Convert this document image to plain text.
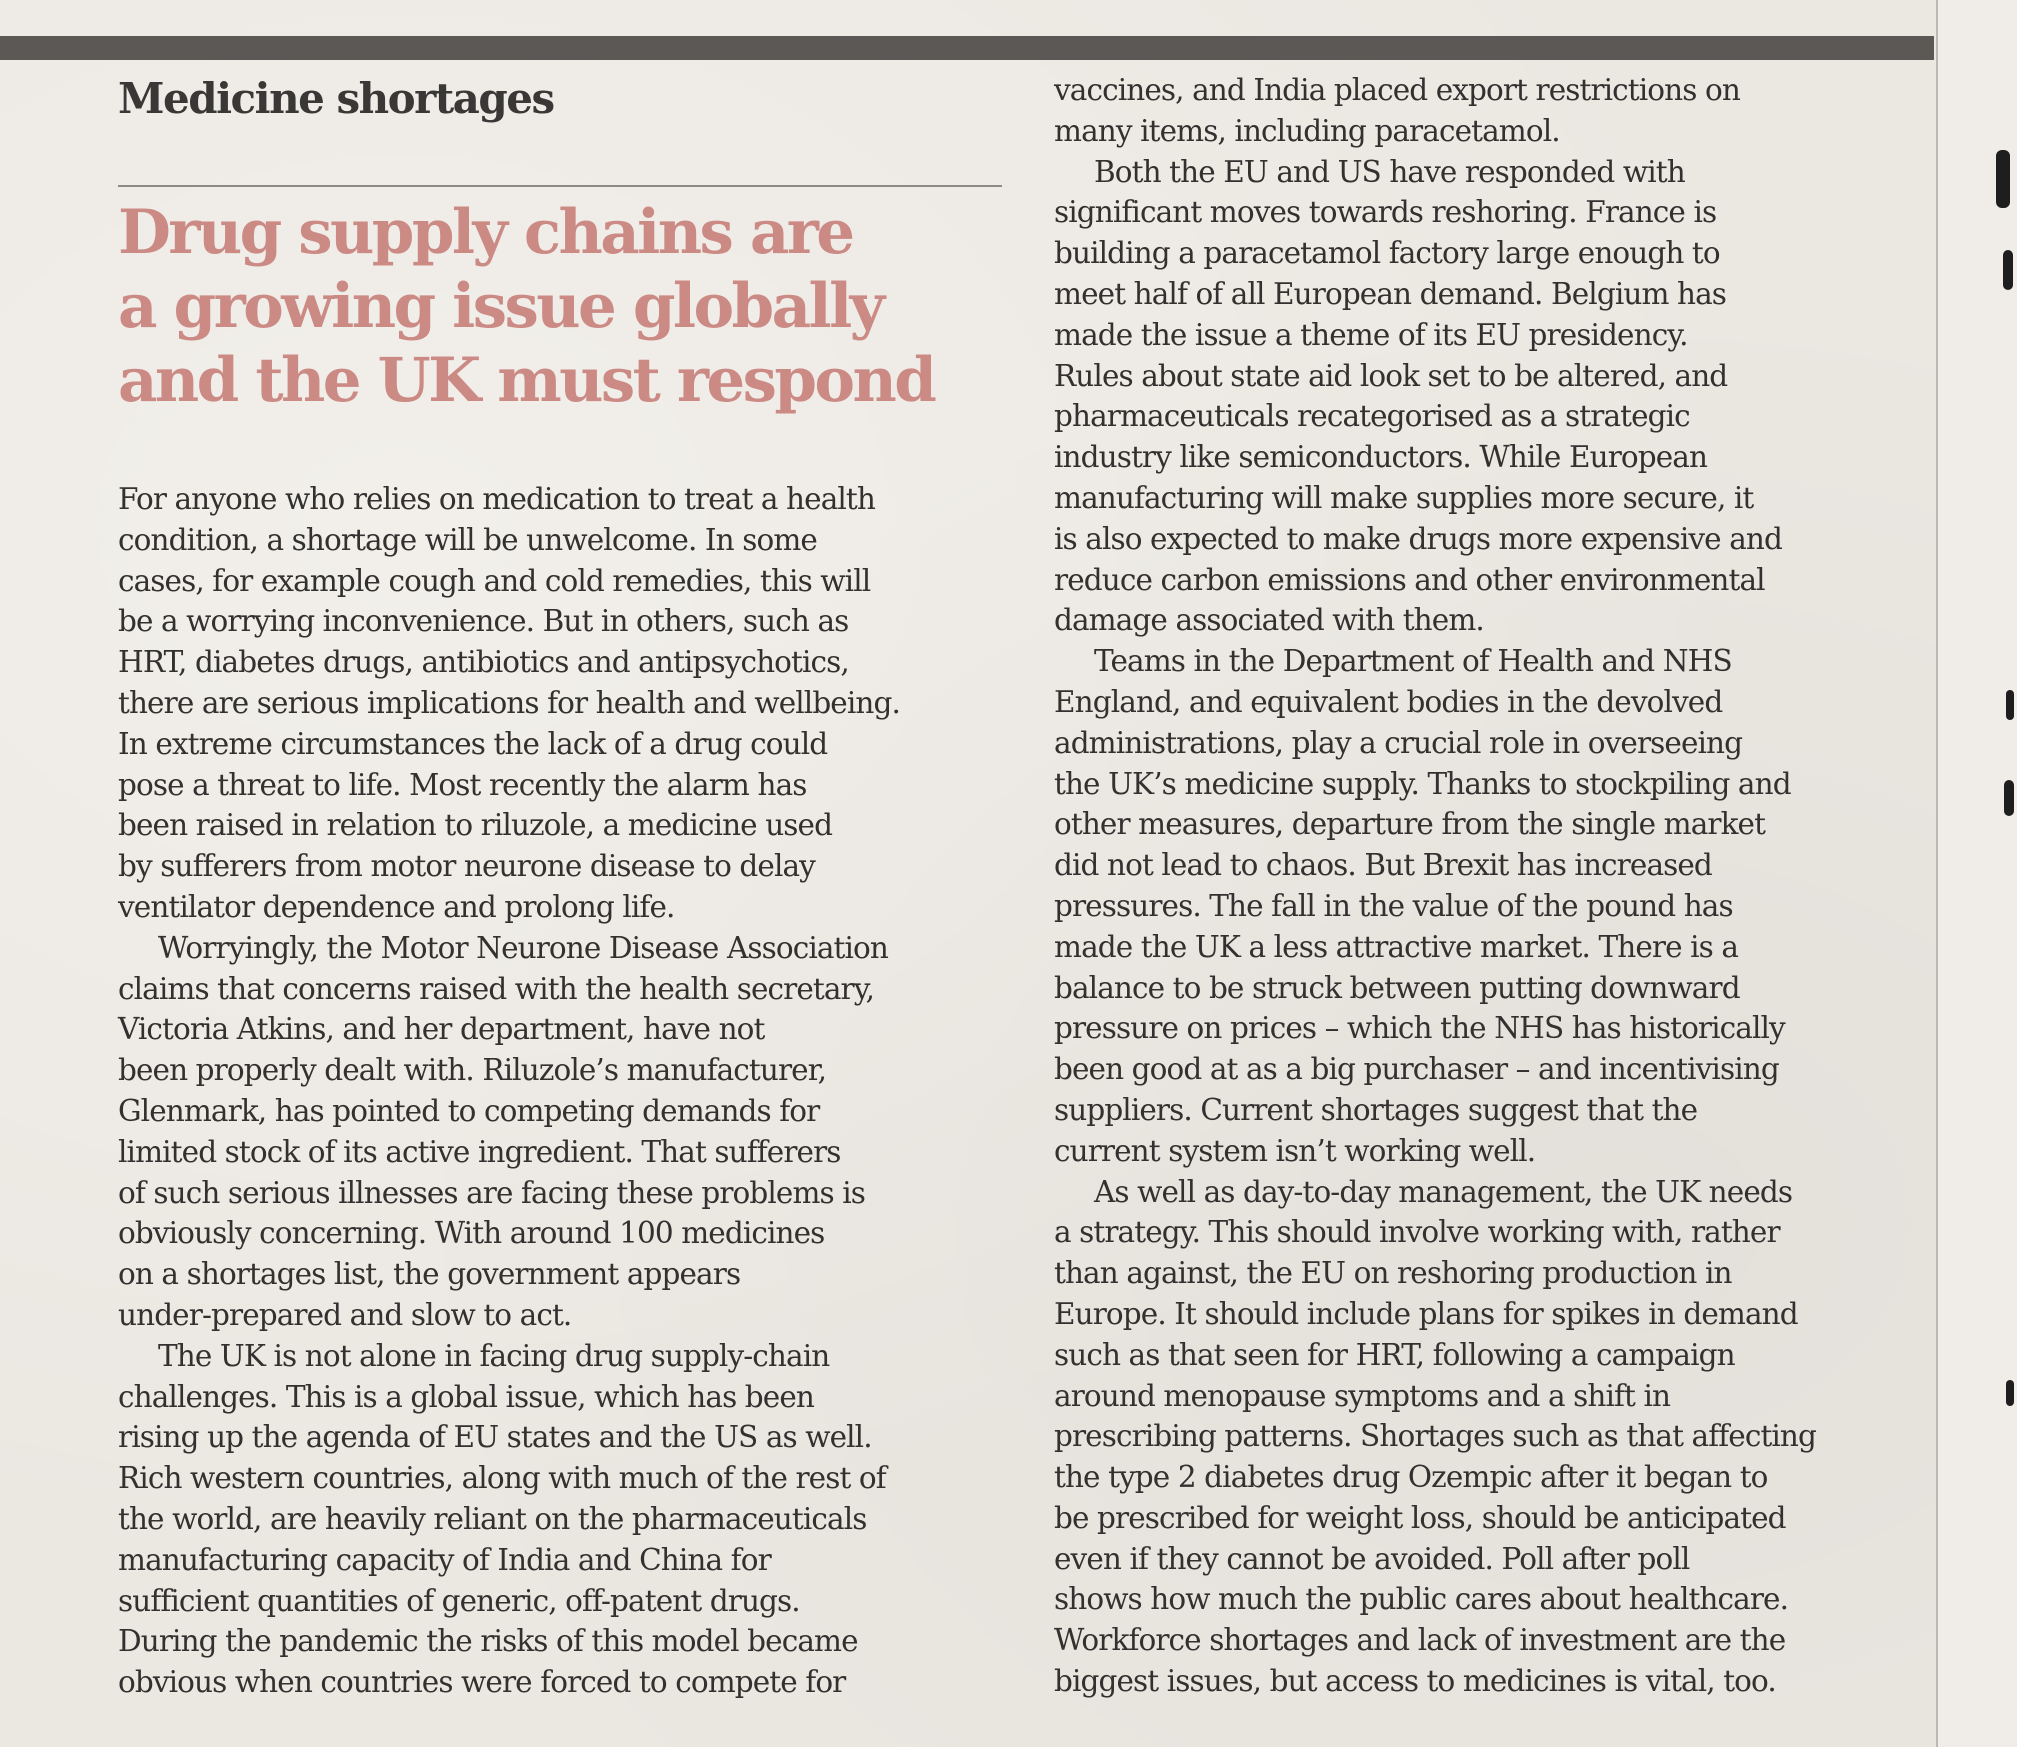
Medicine shortages
Drug supply chains are
a growing issue globally
and the UK must respond
For anyone who relies on medication to treat a health
condition, a shortage will be unwelcome. In some
cases, for example cough and cold remedies, this will
be a worrying inconvenience. But in others, such as
HRT, diabetes drugs, antibiotics and antipsychotics,
there are serious implications for health and wellbeing.
In extreme circumstances the lack of a drug could
pose a threat to life. Most recently the alarm has
been raised in relation to riluzole, a medicine used
by sufferers from motor neurone disease to delay
ventilator dependence and prolong life.
Worryingly, the Motor Neurone Disease Association
claims that concerns raised with the health secretary,
Victoria Atkins, and her department, have not
been properly dealt with. Riluzole’s manufacturer,
Glenmark, has pointed to competing demands for
limited stock of its active ingredient. That sufferers
of such serious illnesses are facing these problems is
obviously concerning. With around 100 medicines
on a shortages list, the government appears
under-prepared and slow to act.
The UK is not alone in facing drug supply-chain
challenges. This is a global issue, which has been
rising up the agenda of EU states and the US as well.
Rich western countries, along with much of the rest of
the world, are heavily reliant on the pharmaceuticals
manufacturing capacity of India and China for
sufficient quantities of generic, off-patent drugs.
During the pandemic the risks of this model became
obvious when countries were forced to compete for
vaccines, and India placed export restrictions on
many items, including paracetamol.
Both the EU and US have responded with
significant moves towards reshoring. France is
building a paracetamol factory large enough to
meet half of all European demand. Belgium has
made the issue a theme of its EU presidency.
Rules about state aid look set to be altered, and
pharmaceuticals recategorised as a strategic
industry like semiconductors. While European
manufacturing will make supplies more secure, it
is also expected to make drugs more expensive and
reduce carbon emissions and other environmental
damage associated with them.
Teams in the Department of Health and NHS
England, and equivalent bodies in the devolved
administrations, play a crucial role in overseeing
the UK’s medicine supply. Thanks to stockpiling and
other measures, departure from the single market
did not lead to chaos. But Brexit has increased
pressures. The fall in the value of the pound has
made the UK a less attractive market. There is a
balance to be struck between putting downward
pressure on prices – which the NHS has historically
been good at as a big purchaser – and incentivising
suppliers. Current shortages suggest that the
current system isn’t working well.
As well as day-to-day management, the UK needs
a strategy. This should involve working with, rather
than against, the EU on reshoring production in
Europe. It should include plans for spikes in demand
such as that seen for HRT, following a campaign
around menopause symptoms and a shift in
prescribing patterns. Shortages such as that affecting
the type 2 diabetes drug Ozempic after it began to
be prescribed for weight loss, should be anticipated
even if they cannot be avoided. Poll after poll
shows how much the public cares about healthcare.
Workforce shortages and lack of investment are the
biggest issues, but access to medicines is vital, too.
